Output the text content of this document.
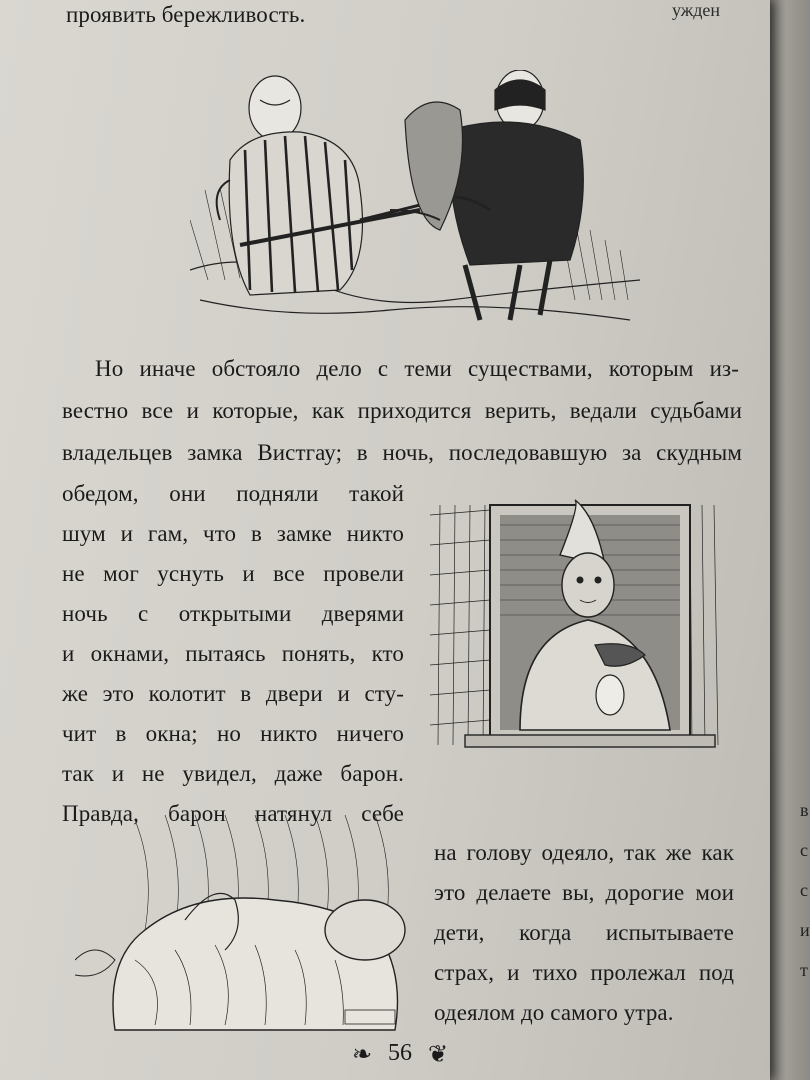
в
с
с
и
т
ужден
проявить бережливость.
Но иначе обстояло дело с теми существами, которым из-
вестно все и которые, как приходится верить, ведали судьбами
владельцев замка Вистгау; в ночь, последовавшую за скудным
обедом, они подняли такой
шум и гам, что в замке никто
не мог уснуть и все провели
ночь с открытыми дверями
и окнами, пытаясь понять, кто
же это колотит в двери и сту-
чит в окна; но никто ничего
так и не увидел, даже барон.
Правда, барон натянул себе
на голову одеяло, так же как
это делаете вы, дорогие мои
дети, когда испытываете
страх, и тихо пролежал под
одеялом до самого утра.
❧ 56 ❦
